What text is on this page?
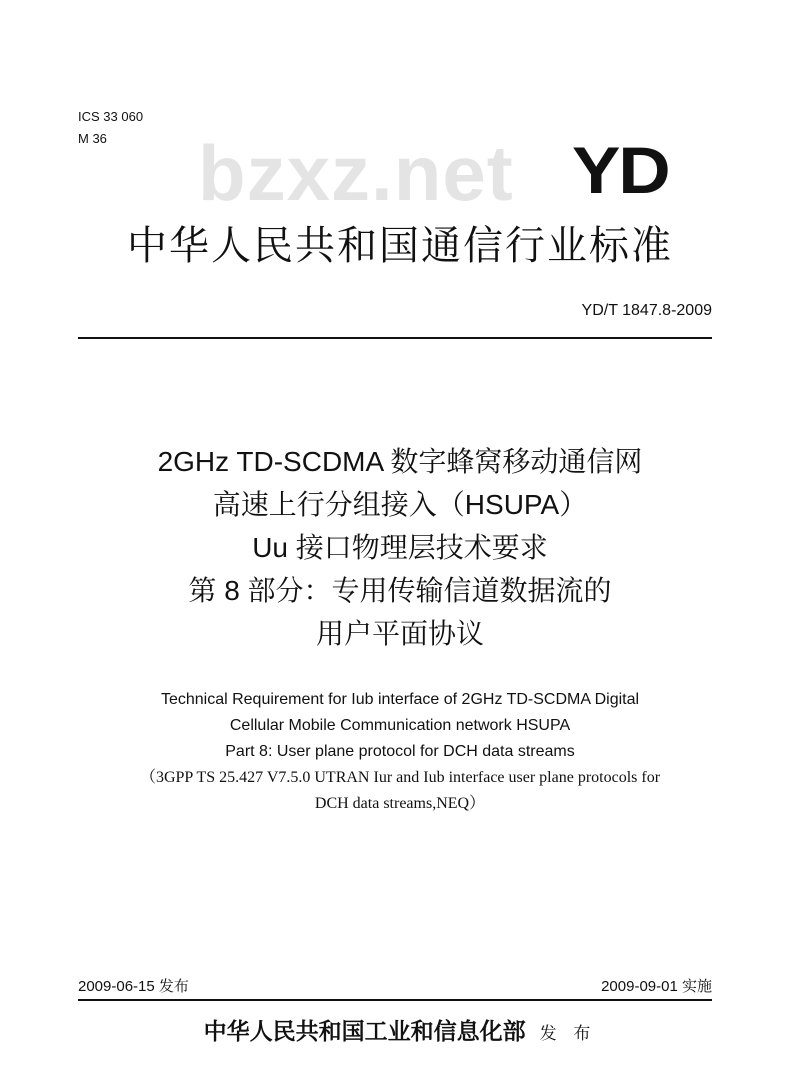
ICS 33 060
M 36 bzxz.net YD
中华人民共和国通信行业标准
YD/T 1847.8-2009
2GHz TD-SCDMA 数字蜂窝移动通信网
高速上行分组接入（HSUPA）
Uu 接口物理层技术要求
第 8 部分：专用传输信道数据流的
用户平面协议
Technical Requirement for Iub interface of 2GHz TD-SCDMA Digital
Cellular Mobile Communication network HSUPA
Part 8: User plane protocol for DCH data streams
（3GPP TS 25.427 V7.5.0 UTRAN Iur and Iub interface user plane protocols for
DCH data streams,NEQ）
2009-06-15 发布	2009-09-01 实施
中华人民共和国工业和信息化部 发 布
